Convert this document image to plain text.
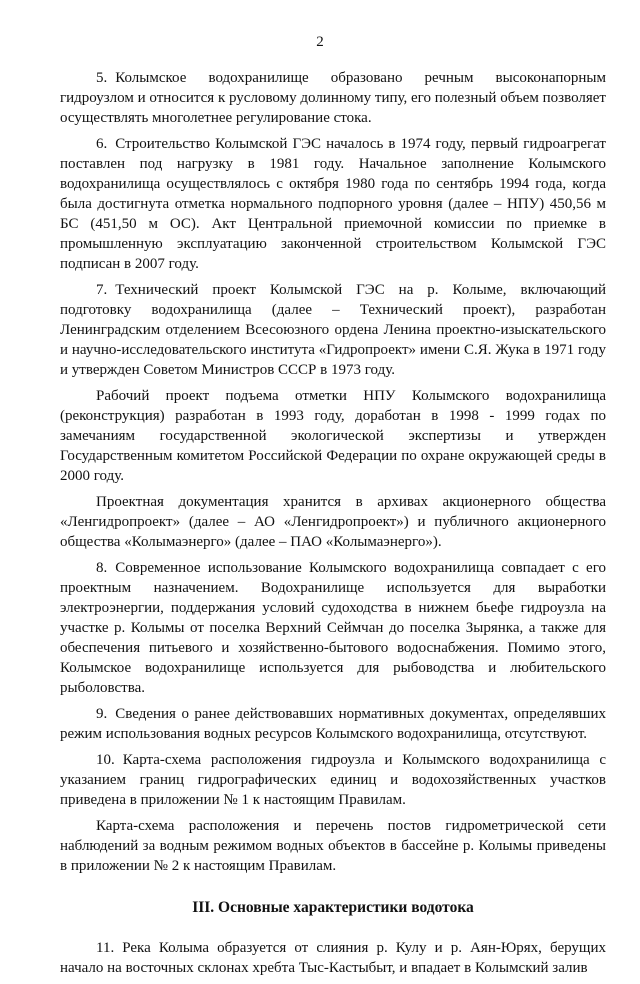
2

5. Колымское водохранилище образовано речным высоконапорным гидроузлом и относится к русловому долинному типу, его полезный объем позволяет осуществлять многолетнее регулирование стока.

6. Строительство Колымской ГЭС началось в 1974 году, первый гидроагрегат поставлен под нагрузку в 1981 году. Начальное заполнение Колымского водохранилища осуществлялось с октября 1980 года по сентябрь 1994 года, когда была достигнута отметка нормального подпорного уровня (далее – НПУ) 450,56 м БС (451,50 м ОС). Акт Центральной приемочной комиссии по приемке в промышленную эксплуатацию законченной строительством Колымской ГЭС подписан в 2007 году.

7. Технический проект Колымской ГЭС на р. Колыме, включающий подготовку водохранилища (далее – Технический проект), разработан Ленинградским отделением Всесоюзного ордена Ленина проектно-изыскательского и научно-исследовательского института «Гидропроект» имени С.Я. Жука в 1971 году и утвержден Советом Министров СССР в 1973 году.

Рабочий проект подъема отметки НПУ Колымского водохранилища (реконструкция) разработан в 1993 году, доработан в 1998 - 1999 годах по замечаниям государственной экологической экспертизы и утвержден Государственным комитетом Российской Федерации по охране окружающей среды в 2000 году.

Проектная документация хранится в архивах акционерного общества «Ленгидропроект» (далее – АО «Ленгидропроект») и публичного акционерного общества «Колымаэнерго» (далее – ПАО «Колымаэнерго»).

8. Современное использование Колымского водохранилища совпадает с его проектным назначением. Водохранилище используется для выработки электроэнергии, поддержания условий судоходства в нижнем бьефе гидроузла на участке р. Колымы от поселка Верхний Сеймчан до поселка Зырянка, а также для обеспечения питьевого и хозяйственно-бытового водоснабжения. Помимо этого, Колымское водохранилище используется для рыбоводства и любительского рыболовства.

9. Сведения о ранее действовавших нормативных документах, определявших режим использования водных ресурсов Колымского водохранилища, отсутствуют.

10. Карта-схема расположения гидроузла и Колымского водохранилища с указанием границ гидрографических единиц и водохозяйственных участков приведена в приложении № 1 к настоящим Правилам.

Карта-схема расположения и перечень постов гидрометрической сети наблюдений за водным режимом водных объектов в бассейне р. Колымы приведены в приложении № 2 к настоящим Правилам.

III. Основные характеристики водотока

11. Река Колыма образуется от слияния р. Кулу и р. Аян-Юрях, берущих начало на восточных склонах хребта Тыс-Кастыбыт, и впадает в Колымский залив
